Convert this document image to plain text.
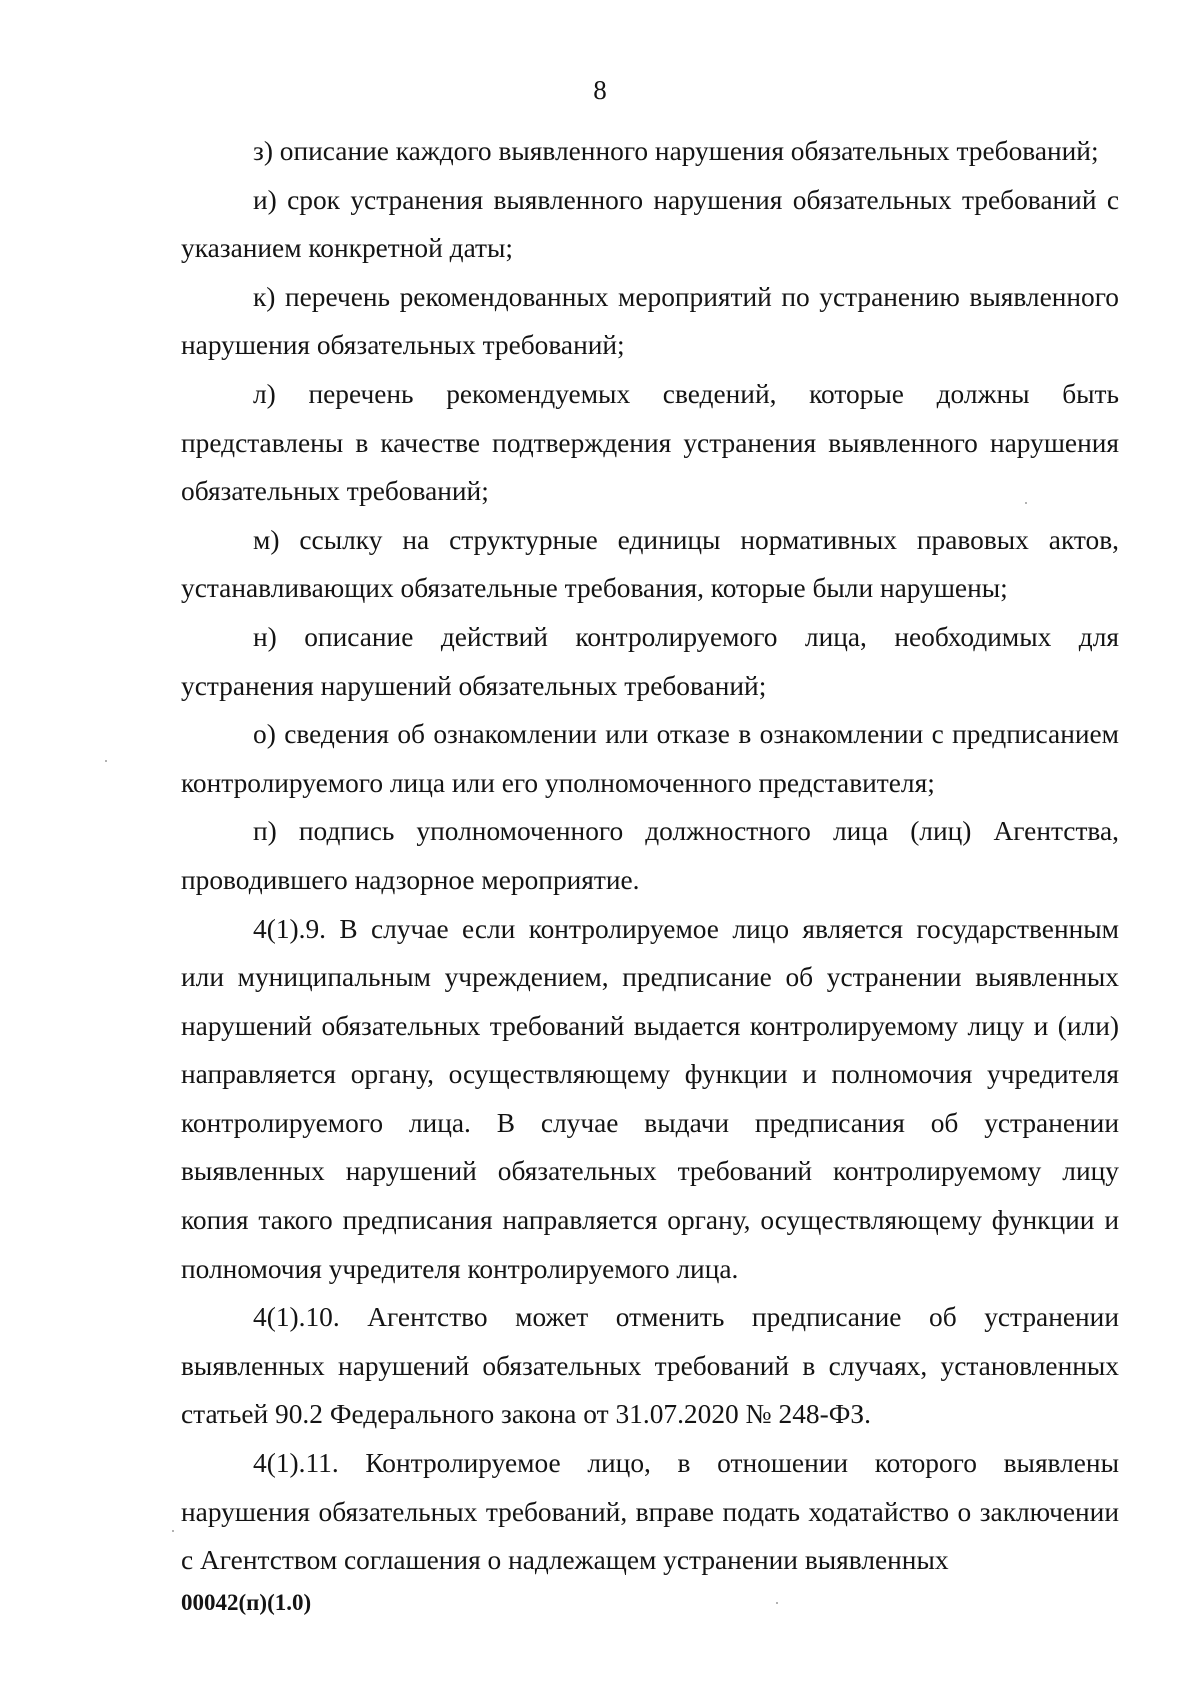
8

з) описание каждого выявленного нарушения обязательных требований;

и) срок устранения выявленного нарушения обязательных требований с указанием конкретной даты;

к) перечень рекомендованных мероприятий по устранению выявленного нарушения обязательных требований;

л) перечень рекомендуемых сведений, которые должны быть представлены в качестве подтверждения устранения выявленного нарушения обязательных требований;

м) ссылку на структурные единицы нормативных правовых актов, устанавливающих обязательные требования, которые были нарушены;

н) описание действий контролируемого лица, необходимых для устранения нарушений обязательных требований;

о) сведения об ознакомлении или отказе в ознакомлении с предписанием контролируемого лица или его уполномоченного представителя;

п) подпись уполномоченного должностного лица (лиц) Агентства, проводившего надзорное мероприятие.

4(1).9. В случае если контролируемое лицо является государственным или муниципальным учреждением, предписание об устранении выявленных нарушений обязательных требований выдается контролируемому лицу и (или) направляется органу, осуществляющему функции и полномочия учредителя контролируемого лица. В случае выдачи предписания об устранении выявленных нарушений обязательных требований контролируемому лицу копия такого предписания направляется органу, осуществляющему функции и полномочия учредителя контролируемого лица.

4(1).10. Агентство может отменить предписание об устранении выявленных нарушений обязательных требований в случаях, установленных статьей 90.2 Федерального закона от 31.07.2020 № 248-ФЗ.

4(1).11. Контролируемое лицо, в отношении которого выявлены нарушения обязательных требований, вправе подать ходатайство о заключении с Агентством соглашения о надлежащем устранении выявленных

00042(п)(1.0)
